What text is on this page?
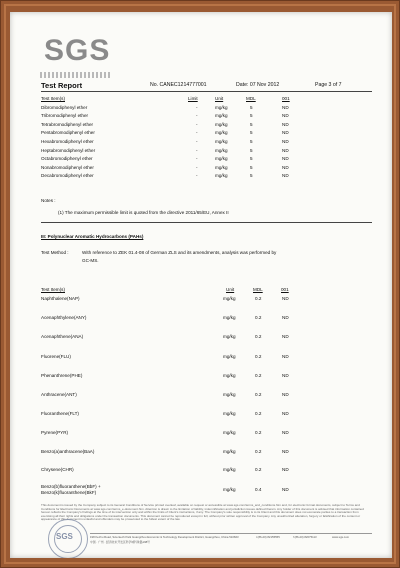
SGS
Test Report	No. CANEC1214777001	Date: 07 Nov 2012	Page 3 of 7
Test Item(s)	Limit	Unit	MDL	001
Dibromodiphenyl ether	-	mg/kg	5	ND
Tribromodiphenyl ether	-	mg/kg	5	ND
Tetrabromodiphenyl ether	-	mg/kg	5	ND
Pentabromodiphenyl ether	-	mg/kg	5	ND
Hexabromodiphenyl ether	-	mg/kg	5	ND
Heptabromodiphenyl ether	-	mg/kg	5	ND
Octabromodiphenyl ether	-	mg/kg	5	ND
Nonabromodiphenyl ether	-	mg/kg	5	ND
Decabromodiphenyl ether	-	mg/kg	5	ND
Notes :
(1) The maximum permissible limit is quoted from the directive 2011/65/EU, Annex II
III: Polynuclear Aromatic Hydrocarbons (PAHs)
Test Method :	With reference to ZEK 01.4-08 of German ZLS and its amendments, analysis was performed by
GC-MS.
Test Item(s)	Unit	MDL	001
Naphthalene(NAP)	mg/kg	0.2	ND
Acenaphthylene(ANY)	mg/kg	0.2	ND
Acenaphthene(ANA)	mg/kg	0.2	ND
Fluorene(FLU)	mg/kg	0.2	ND
Phenanthrene(PHE)	mg/kg	0.2	ND
Anthracene(ANT)	mg/kg	0.2	ND
Fluoranthene(FLT)	mg/kg	0.2	ND
Pyrene(PYR)	mg/kg	0.2	ND
Benzo(a)anthracene(BaA)	mg/kg	0.2	ND
Chrysene(CHR)	mg/kg	0.2	ND
Benzo(b)fluoranthene(BbF) +
Benzo(k)fluoranthene(BkF)
mg/kg	0.4	ND
This document is issued by the Company subject to its General Conditions of Service printed overleaf, available on request or accessible at www.sgs.com/terms_and_conditions.htm and, for electronic format documents, subject to Terms and Conditions for Electronic Documents at www.sgs.com/terms_e-document.htm. Attention is drawn to the limitation of liability, indemnification and jurisdiction issues defined therein. Any holder of this document is advised that information contained hereon reflects the Company's findings at the time of its intervention only and within the limits of Client's instructions, if any. The Company's sole responsibility is to its Client and this document does not exonerate parties to a transaction from exercising all their rights and obligations under the transaction documents. This document cannot be reproduced except in full, without prior written approval of the Company. Any unauthorized alteration, forgery or falsification of the content or appearance of this document is unlawful and offenders may be prosecuted to the fullest extent of the law.
SGS	198 Kezhu Road, Scientech Park Guangzhou Economic & Technology Development District, Guangzhou, China 510663
中国 · 广州 · 经济技术开发区科学城科珠路198号
t (86-20) 82155555	f (86-20) 82075113	www.sgs.com
